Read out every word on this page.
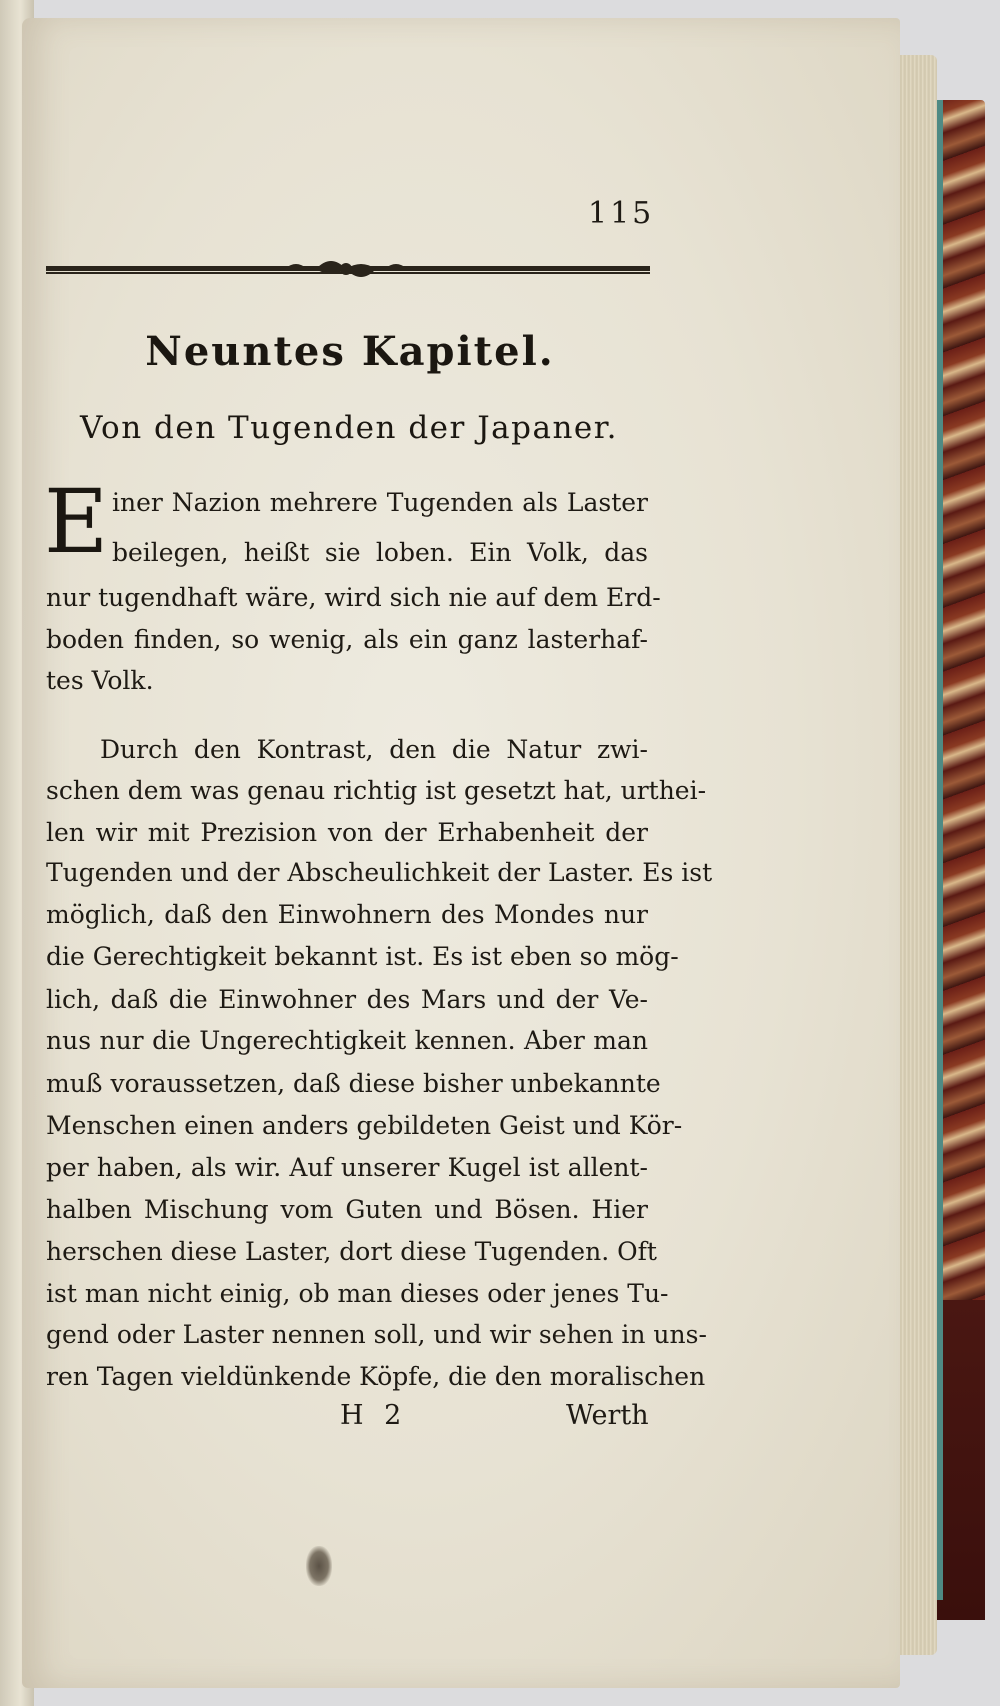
115
Neuntes Kapitel.
Von den Tugenden der Japaner.
E iner Nazion mehrere Tugenden als Laster
beilegen, heißt sie loben. Ein Volk, das
nur tugendhaft wäre, wird sich nie auf dem Erd-
boden finden, so wenig, als ein ganz lasterhaf-
tes Volk.
Durch den Kontrast, den die Natur zwi-
schen dem was genau richtig ist gesetzt hat, urthei-
len wir mit Prezision von der Erhabenheit der
Tugenden und der Abscheulichkeit der Laster. Es ist
möglich, daß den Einwohnern des Mondes nur
die Gerechtigkeit bekannt ist. Es ist eben so mög-
lich, daß die Einwohner des Mars und der Ve-
nus nur die Ungerechtigkeit kennen. Aber man
muß voraussetzen, daß diese bisher unbekannte
Menschen einen anders gebildeten Geist und Kör-
per haben, als wir. Auf unserer Kugel ist allent-
halben Mischung vom Guten und Bösen. Hier
herschen diese Laster, dort diese Tugenden. Oft
ist man nicht einig, ob man dieses oder jenes Tu-
gend oder Laster nennen soll, und wir sehen in uns-
ren Tagen vieldünkende Köpfe, die den moralischen
H 2	Werth
